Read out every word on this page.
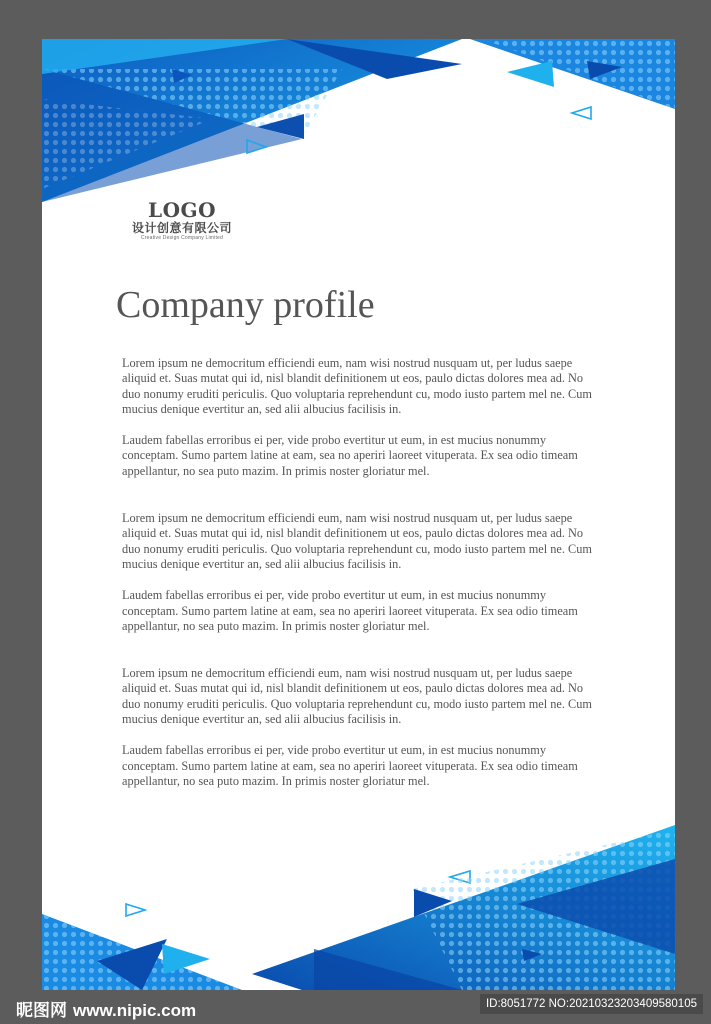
LOGO
设计创意有限公司
Creative Design Company Limited
Company profile

Lorem ipsum ne democritum efficiendi eum, nam wisi nostrud nusquam ut, per ludus saepe aliquid et. Suas mutat qui id, nisl blandit definitionem ut eos, paulo dictas dolores mea ad. No duo nonumy eruditi periculis. Quo voluptaria reprehendunt cu, modo iusto partem mel ne. Cum mucius denique evertitur an, sed alii albucius facilisis in.

Laudem fabellas erroribus ei per, vide probo evertitur ut eum, in est mucius nonummy conceptam. Sumo partem latine at eam, sea no aperiri laoreet vituperata. Ex sea odio timeam appellantur, no sea puto mazim. In primis noster gloriatur mel.

Lorem ipsum ne democritum efficiendi eum, nam wisi nostrud nusquam ut, per ludus saepe aliquid et. Suas mutat qui id, nisl blandit definitionem ut eos, paulo dictas dolores mea ad. No duo nonumy eruditi periculis. Quo voluptaria reprehendunt cu, modo iusto partem mel ne. Cum mucius denique evertitur an, sed alii albucius facilisis in.

Laudem fabellas erroribus ei per, vide probo evertitur ut eum, in est mucius nonummy conceptam. Sumo partem latine at eam, sea no aperiri laoreet vituperata. Ex sea odio timeam appellantur, no sea puto mazim. In primis noster gloriatur mel.

Lorem ipsum ne democritum efficiendi eum, nam wisi nostrud nusquam ut, per ludus saepe aliquid et. Suas mutat qui id, nisl blandit definitionem ut eos, paulo dictas dolores mea ad. No duo nonumy eruditi periculis. Quo voluptaria reprehendunt cu, modo iusto partem mel ne. Cum mucius denique evertitur an, sed alii albucius facilisis in.

Laudem fabellas erroribus ei per, vide probo evertitur ut eum, in est mucius nonummy conceptam. Sumo partem latine at eam, sea no aperiri laoreet vituperata. Ex sea odio timeam appellantur, no sea puto mazim. In primis noster gloriatur mel.

昵图网 www.nipic.com	ID:8051772 NO:20210323203409580105
